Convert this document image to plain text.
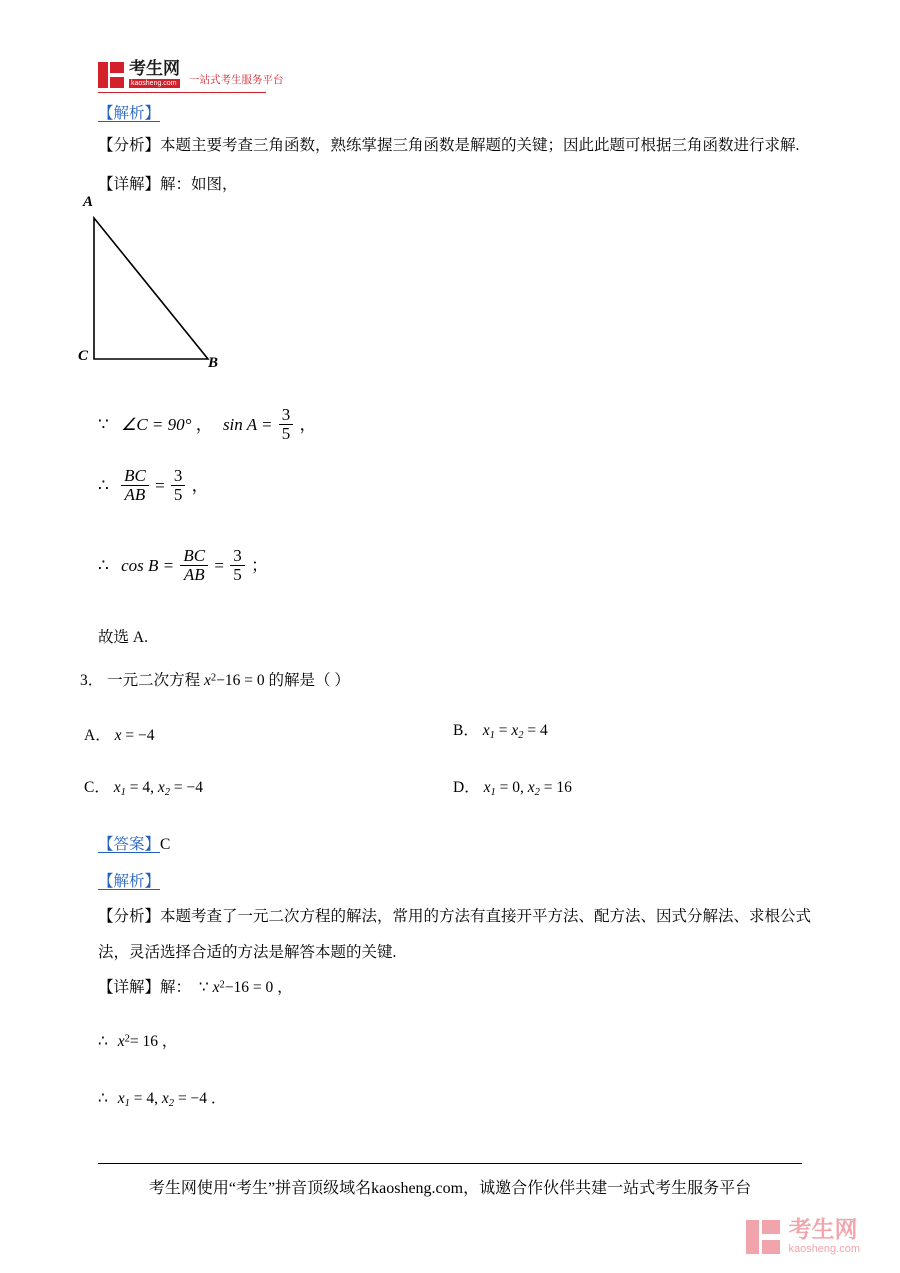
考生网
kaosheng.com	一站式考生服务平台
【解析】
【分析】本题主要考查三角函数，熟练掌握三角函数是解题的关键；因此此题可根据三角函数进行求解.
【详解】解：如图，
A
B
C
∵ ∠C = 90° ， $\sin A = \frac{3}{5}$ ，
∴ $\frac{BC}{AB} = \frac{3}{5}$ ，
∴ $\cos B = \frac{BC}{AB} = \frac{3}{5}$ ；
故选 A.
3． 一元二次方程 $x^2-16 = 0$ 的解是（ ）
A． x = −4	B． $x_1 = x_2 = 4$
C． $x_1 = 4$, $x_2 = -4$	D． $x_1 = 0$, $x_2 = 16$
【答案】C
【解析】
【分析】本题考查了一元二次方程的解法，常用的方法有直接开平方法、配方法、因式分解法、求根公式
法，灵活选择合适的方法是解答本题的关键.
【详解】解： ∵ $x^2-16 = 0$ ，
∴ $x^2= 16$ ，
∴ $x_1 = 4$, $x_2 = -4$ ．
考生网使用“考生”拼音顶级域名kaosheng.com，诚邀合作伙伴共建一站式考生服务平台
考生网
kaosheng.com
